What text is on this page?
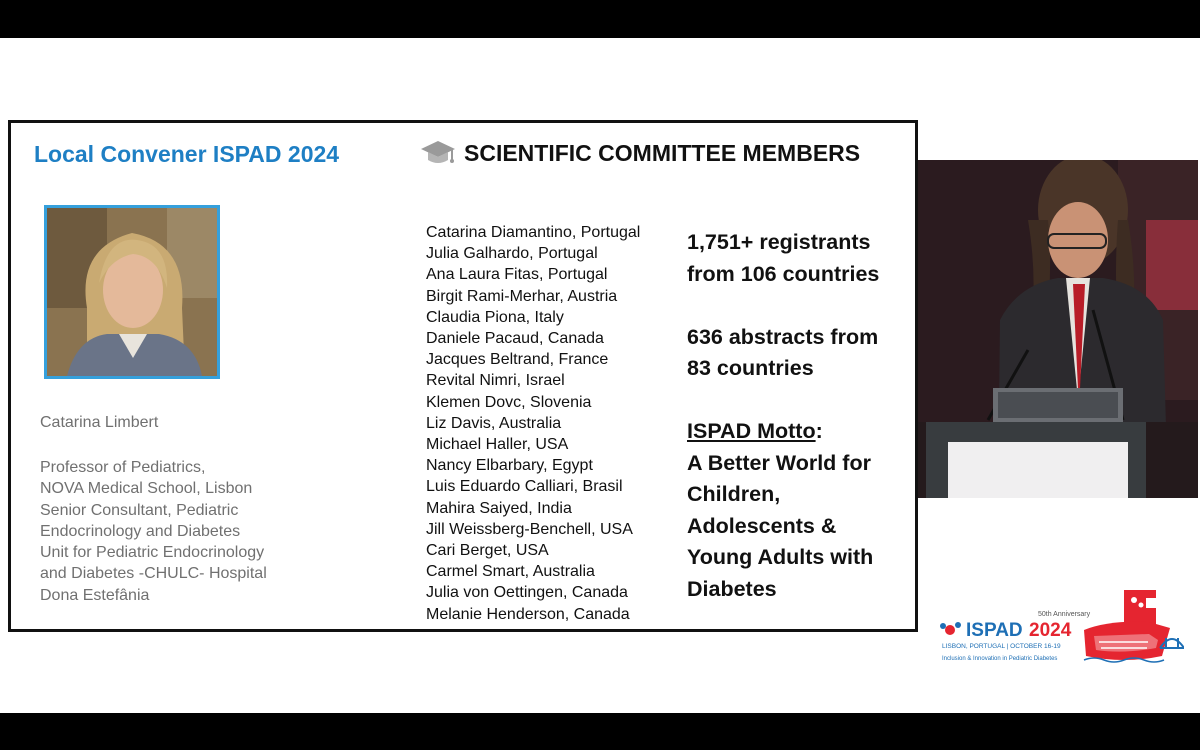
Local Convener ISPAD 2024	SCIENTIFIC COMMITTEE MEMBERS
Catarina Limbert
Professor of Pediatrics,
NOVA Medical School, Lisbon
Senior Consultant, Pediatric
Endocrinology and Diabetes
Unit for Pediatric Endocrinology
and Diabetes -CHULC- Hospital
Dona Estefânia
Catarina Diamantino, Portugal
Julia Galhardo, Portugal
Ana Laura Fitas, Portugal
Birgit Rami-Merhar, Austria
Claudia Piona, Italy
Daniele Pacaud, Canada
Jacques Beltrand, France
Revital Nimri, Israel
Klemen Dovc, Slovenia
Liz Davis, Australia
Michael Haller, USA
Nancy Elbarbary, Egypt
Luis Eduardo Calliari, Brasil
Mahira Saiyed, India
Jill Weissberg-Benchell, USA
Cari Berget, USA
Carmel Smart, Australia
Julia von Oettingen, Canada
Melanie Henderson, Canada
1,751+ registrants
from 106 countries
636 abstracts from
83 countries
ISPAD Motto:
A Better World for
Children,
Adolescents &
Young Adults with
Diabetes
50th Anniversary
ISPAD 2024
LISBON, PORTUGAL | OCTOBER 16-19
Inclusion & Innovation in Pediatric Diabetes
